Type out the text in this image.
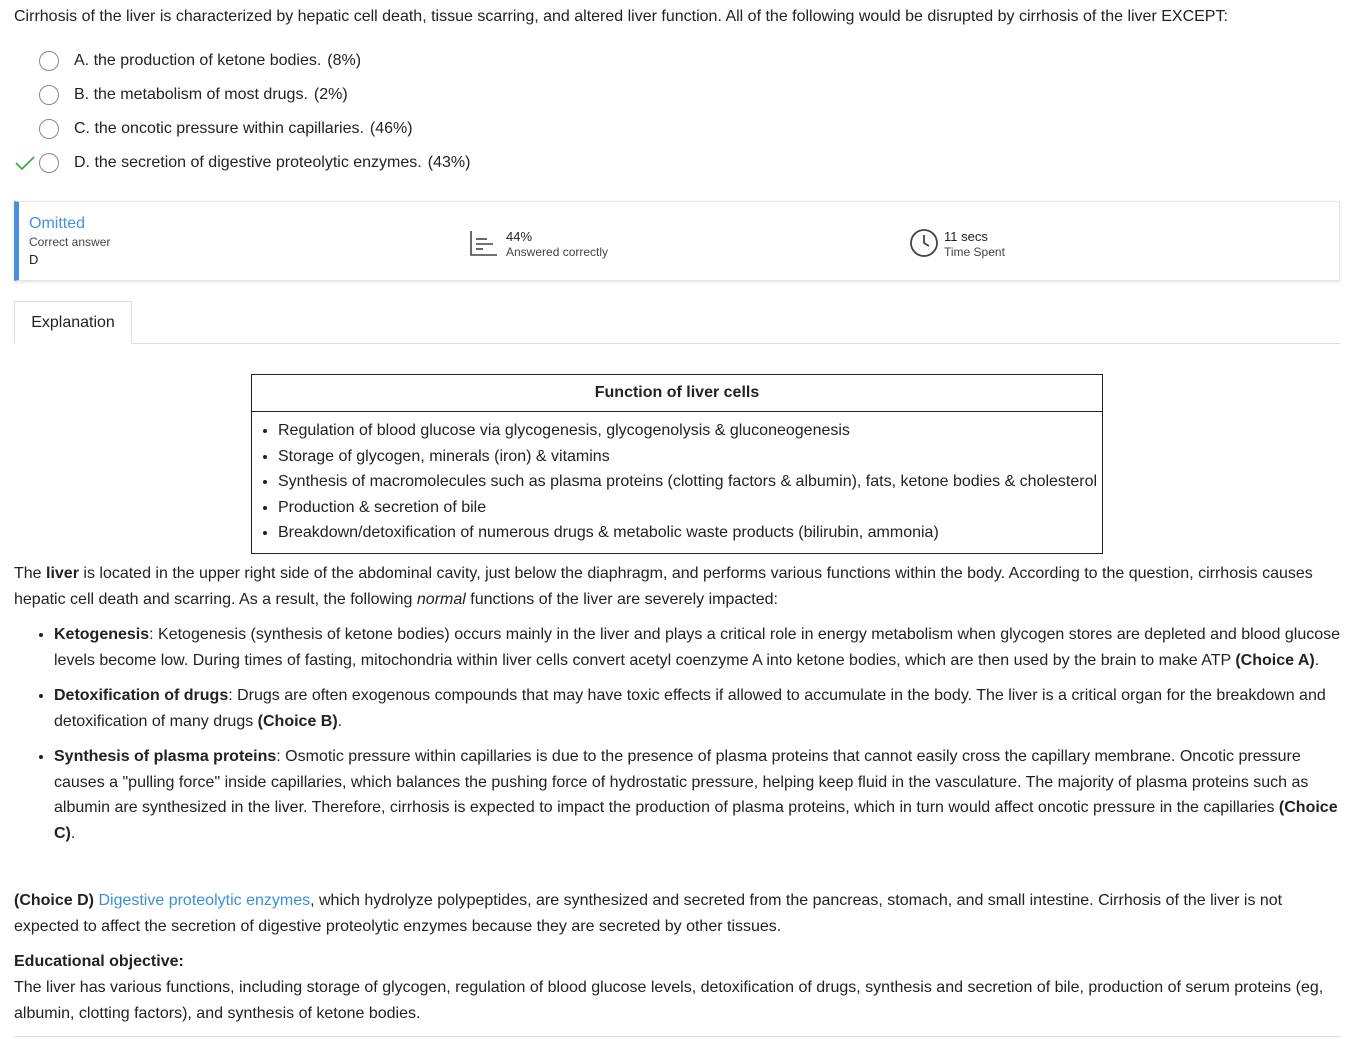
Cirrhosis of the liver is characterized by hepatic cell death, tissue scarring, and altered liver function. All of the following would be disrupted by cirrhosis of the liver EXCEPT:
A. the production of ketone bodies. (8%)
B. the metabolism of most drugs. (2%)
C. the oncotic pressure within capillaries. (46%)
D. the secretion of digestive proteolytic enzymes. (43%)
Omitted
Correct answer
D
44%
Answered correctly
11 secs
Time Spent
Explanation
Function of liver cells
• Regulation of blood glucose via glycogenesis, glycogenolysis & gluconeogenesis
• Storage of glycogen, minerals (iron) & vitamins
• Synthesis of macromolecules such as plasma proteins (clotting factors & albumin), fats, ketone bodies & cholesterol
• Production & secretion of bile
• Breakdown/detoxification of numerous drugs & metabolic waste products (bilirubin, ammonia)
The liver is located in the upper right side of the abdominal cavity, just below the diaphragm, and performs various functions within the body. According to the question, cirrhosis causes hepatic cell death and scarring. As a result, the following normal functions of the liver are severely impacted:
• Ketogenesis: Ketogenesis (synthesis of ketone bodies) occurs mainly in the liver and plays a critical role in energy metabolism when glycogen stores are depleted and blood glucose levels become low. During times of fasting, mitochondria within liver cells convert acetyl coenzyme A into ketone bodies, which are then used by the brain to make ATP (Choice A).
• Detoxification of drugs: Drugs are often exogenous compounds that may have toxic effects if allowed to accumulate in the body. The liver is a critical organ for the breakdown and detoxification of many drugs (Choice B).
• Synthesis of plasma proteins: Osmotic pressure within capillaries is due to the presence of plasma proteins that cannot easily cross the capillary membrane. Oncotic pressure causes a "pulling force" inside capillaries, which balances the pushing force of hydrostatic pressure, helping keep fluid in the vasculature. The majority of plasma proteins such as albumin are synthesized in the liver. Therefore, cirrhosis is expected to impact the production of plasma proteins, which in turn would affect oncotic pressure in the capillaries (Choice C).
(Choice D) Digestive proteolytic enzymes, which hydrolyze polypeptides, are synthesized and secreted from the pancreas, stomach, and small intestine. Cirrhosis of the liver is not expected to affect the secretion of digestive proteolytic enzymes because they are secreted by other tissues.
Educational objective:
The liver has various functions, including storage of glycogen, regulation of blood glucose levels, detoxification of drugs, synthesis and secretion of bile, production of serum proteins (eg, albumin, clotting factors), and synthesis of ketone bodies.
